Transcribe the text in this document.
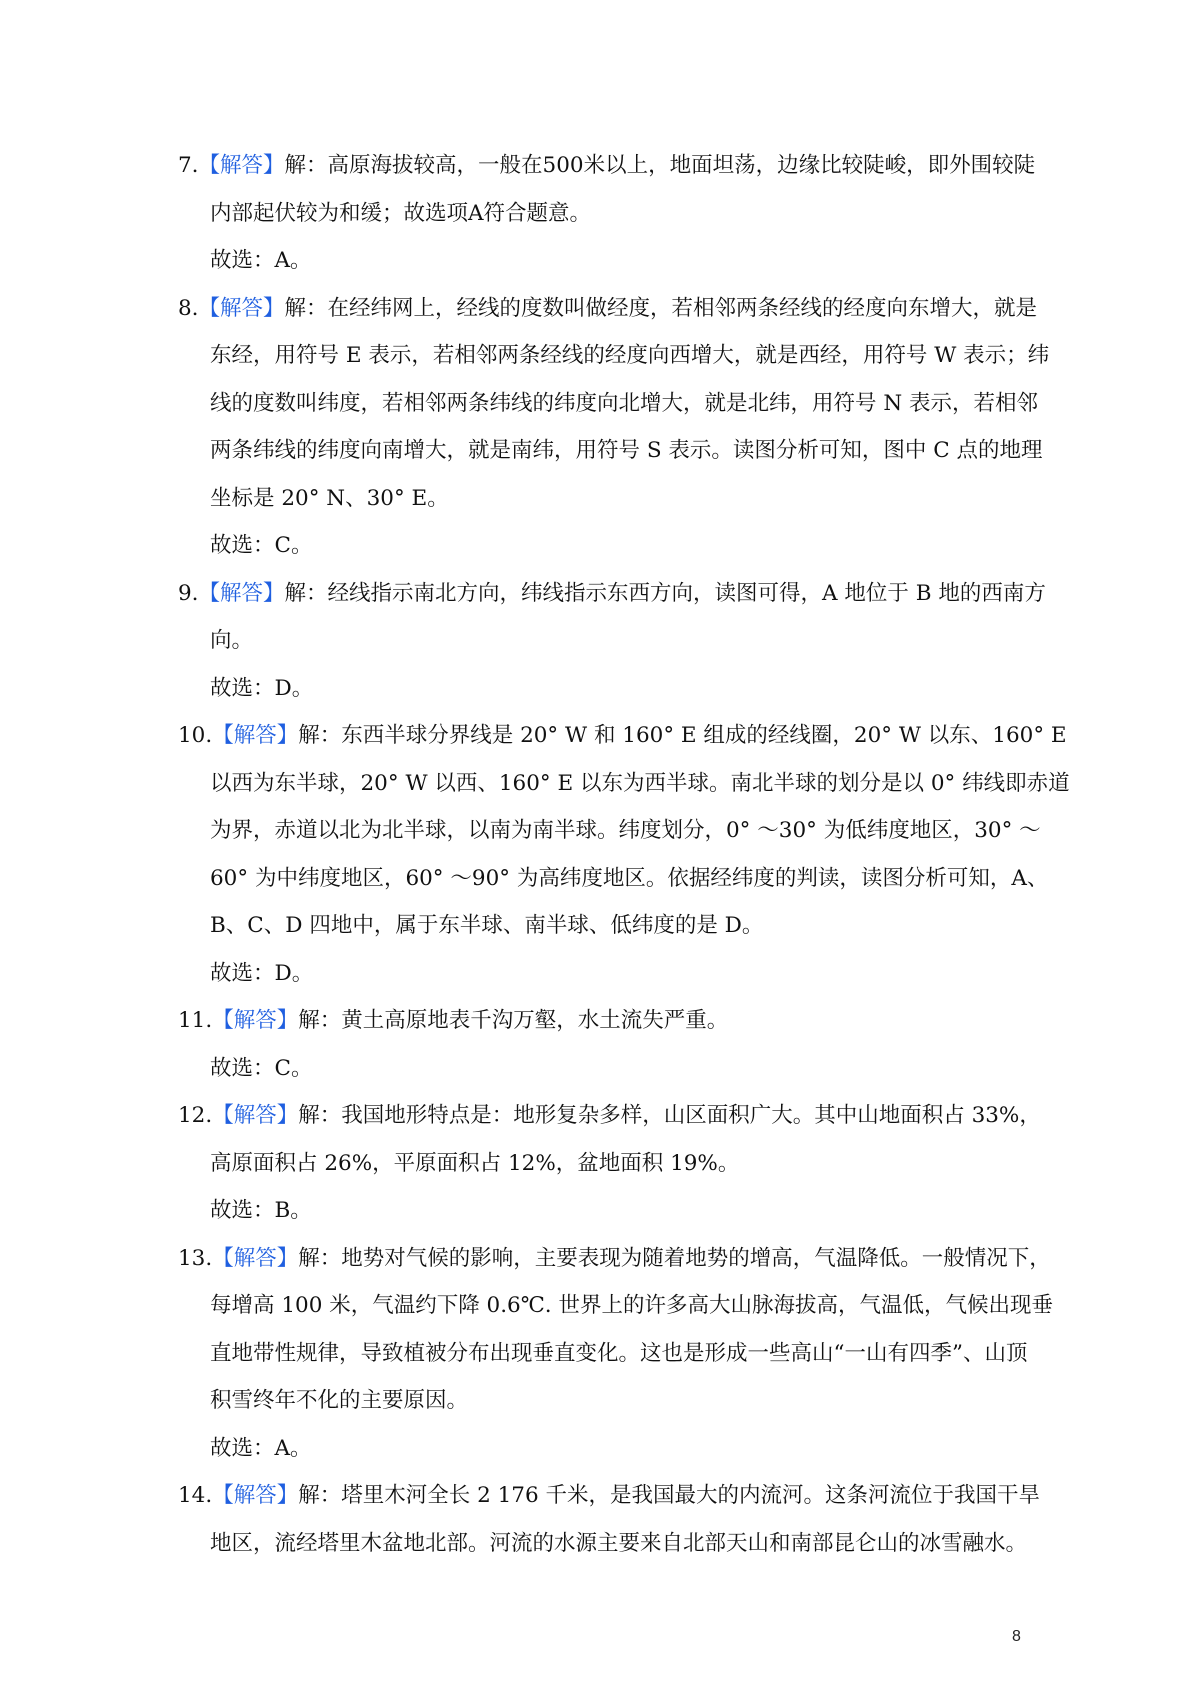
7.【解答】解：高原海拔较高，一般在500米以上，地面坦荡，边缘比较陡峻，即外围较陡
内部起伏较为和缓；故选项A符合题意。
故选：A。
8.【解答】解：在经纬网上，经线的度数叫做经度，若相邻两条经线的经度向东增大，就是
东经，用符号 E 表示，若相邻两条经线的经度向西增大，就是西经，用符号 W 表示；纬
线的度数叫纬度，若相邻两条纬线的纬度向北增大，就是北纬，用符号 N 表示，若相邻
两条纬线的纬度向南增大，就是南纬，用符号 S 表示。读图分析可知，图中 C 点的地理
坐标是 20° N、30° E。
故选：C。
9.【解答】解：经线指示南北方向，纬线指示东西方向，读图可得，A 地位于 B 地的西南方
向。
故选：D。
10.【解答】解：东西半球分界线是 20° W 和 160° E 组成的经线圈，20° W 以东、160° E
以西为东半球，20° W 以西、160° E 以东为西半球。南北半球的划分是以 0° 纬线即赤道
为界，赤道以北为北半球，以南为南半球。纬度划分，0° ～30° 为低纬度地区，30° ～
60° 为中纬度地区，60° ～90° 为高纬度地区。依据经纬度的判读，读图分析可知，A、
B、C、D 四地中，属于东半球、南半球、低纬度的是 D。
故选：D。
11.【解答】解：黄土高原地表千沟万壑，水土流失严重。
故选：C。
12.【解答】解：我国地形特点是：地形复杂多样，山区面积广大。其中山地面积占 33%，
高原面积占 26%，平原面积占 12%，盆地面积 19%。
故选：B。
13.【解答】解：地势对气候的影响，主要表现为随着地势的增高，气温降低。一般情况下，
每增高 100 米，气温约下降 0.6℃. 世界上的许多高大山脉海拔高，气温低，气候出现垂
直地带性规律，导致植被分布出现垂直变化。这也是形成一些高山“一山有四季”、山顶
积雪终年不化的主要原因。
故选：A。
14.【解答】解：塔里木河全长 2 176 千米，是我国最大的内流河。这条河流位于我国干旱
地区，流经塔里木盆地北部。河流的水源主要来自北部天山和南部昆仑山的冰雪融水。
8
